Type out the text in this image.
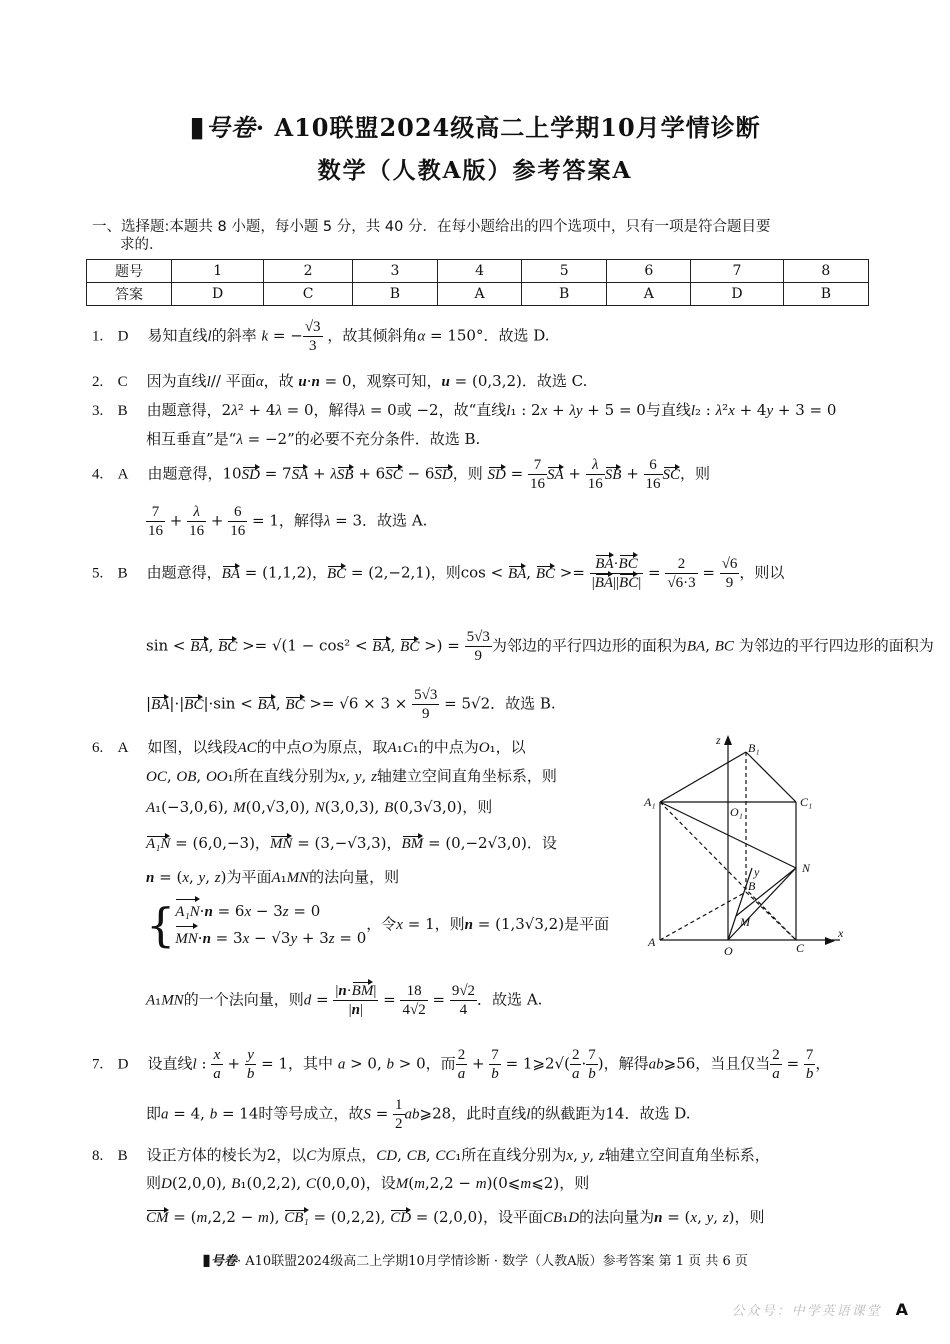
▮号卷· A10联盟2024级高二上学期10月学情诊断
数学（人教A版）参考答案A
一、选择题:本题共 8 小题，每小题 5 分，共 40 分．在每小题给出的四个选项中，只有一项是符合题目要
求的．
题号	1	2	3	4	5	6	7	8
答案	D	C	B	A	B	A	D	B
1. D 易知直线l的斜率 k = − $\frac{√3}{3}$ ，故其倾斜角α = 150°．故选 D.
2. C 因为直线l// 平面α，故 u·n = 0，观察可知，u = (0,3,2)．故选 C.
3. B 由题意得，2λ² + 4λ = 0，解得λ = 0或 −2，故“直线l₁ : 2x + λy + 5 = 0与直线l₂ : λ²x + 4y + 3 = 0
相互垂直”是“λ = −2”的必要不充分条件．故选 B.
4. A 由题意得，10SD = 7SA + λSB + 6SC − 6SD，则 SD = $\frac{7}{16}$ SA + $\frac{\lambda}{16}$ SB + $\frac{6}{16}$ SC，则
$\frac{7}{16} + \frac{\lambda}{16} + \frac{6}{16} = 1$，解得λ = 3．故选 A.
5. B 由题意得，BA = (1,1,2)，BC = (2,−2,1)，则cos < BA, BC >= $\frac{BA\cdot BC}{|BA||BC|} = \frac{2}{√6\cdot 3} = \frac{√6}{9}$ ，则以
sin < BA, BC >= √(1 − cos² < BA, BC >) = $\frac{5√3}{9}$ 为邻边的平行四边形的面积为BA, BC 为邻边的平行四边形的面积为
|BA|·|BC|·sin < BA, BC >= $√6 \times 3 \times \frac{5√3}{9} = 5√2$．故选 B.
6. A 如图，以线段AC的中点O为原点，取A₁C₁的中点为O₁，以
OC, OB, OO₁所在直线分别为x, y, z轴建立空间直角坐标系，则
A₁(−3,0,6), M(0,√3,0), N(3,0,3), B(0,3√3,0)，则
A₁N = (6,0,−3)，MN = (3,−√3,3)，BM = (0,−2√3,0)．设
n = (x, y, z)为平面A₁MN的法向量，则
{A₁N·n = 6x − 3z = 0
MN·n = 3x − √3y + 3z = 0，令x = 1，则n = (1,3√3,2)是平面
A₁MN的一个法向量，则$d = \frac{|n\cdot BM|}{|n|} = \frac{18}{4√2} = \frac{9√2}{4}$ ．故选 A.
z
B₁
A₁
O₁
C₁
N
y
B
M
A
O	C
x
7. D 设直线l : $\frac{x}{a} + \frac{y}{b} = 1$，其中 a > 0, b > 0，而 $\frac{2}{a} + \frac{7}{b}$ = 1⩾2√( $\frac{2}{a} \cdot \frac{7}{b}$ )，解得ab⩾56，当且仅当 $\frac{2}{a} = \frac{7}{b}$ ，
即a = 4, b = 14时等号成立，故$S = \frac{1}{2}$ ab⩾28，此时直线l的纵截距为14．故选 D.
8. B 设正方体的棱长为2，以C为原点，CD, CB, CC₁所在直线分别为x, y, z轴建立空间直角坐标系，
则D(2,0,0), B₁(0,2,2), C(0,0,0)，设M(m,2,2 − m)(0⩽m⩽2)，则
CM = (m,2,2 − m), CB₁ = (0,2,2), CD = (2,0,0)，设平面CB₁D的法向量为n = (x, y, z)，则
▮号卷· A10联盟2024级高二上学期10月学情诊断 · 数学（人教A版）参考答案 第 1 页 共 6 页
公众号：中学英语课堂 A
